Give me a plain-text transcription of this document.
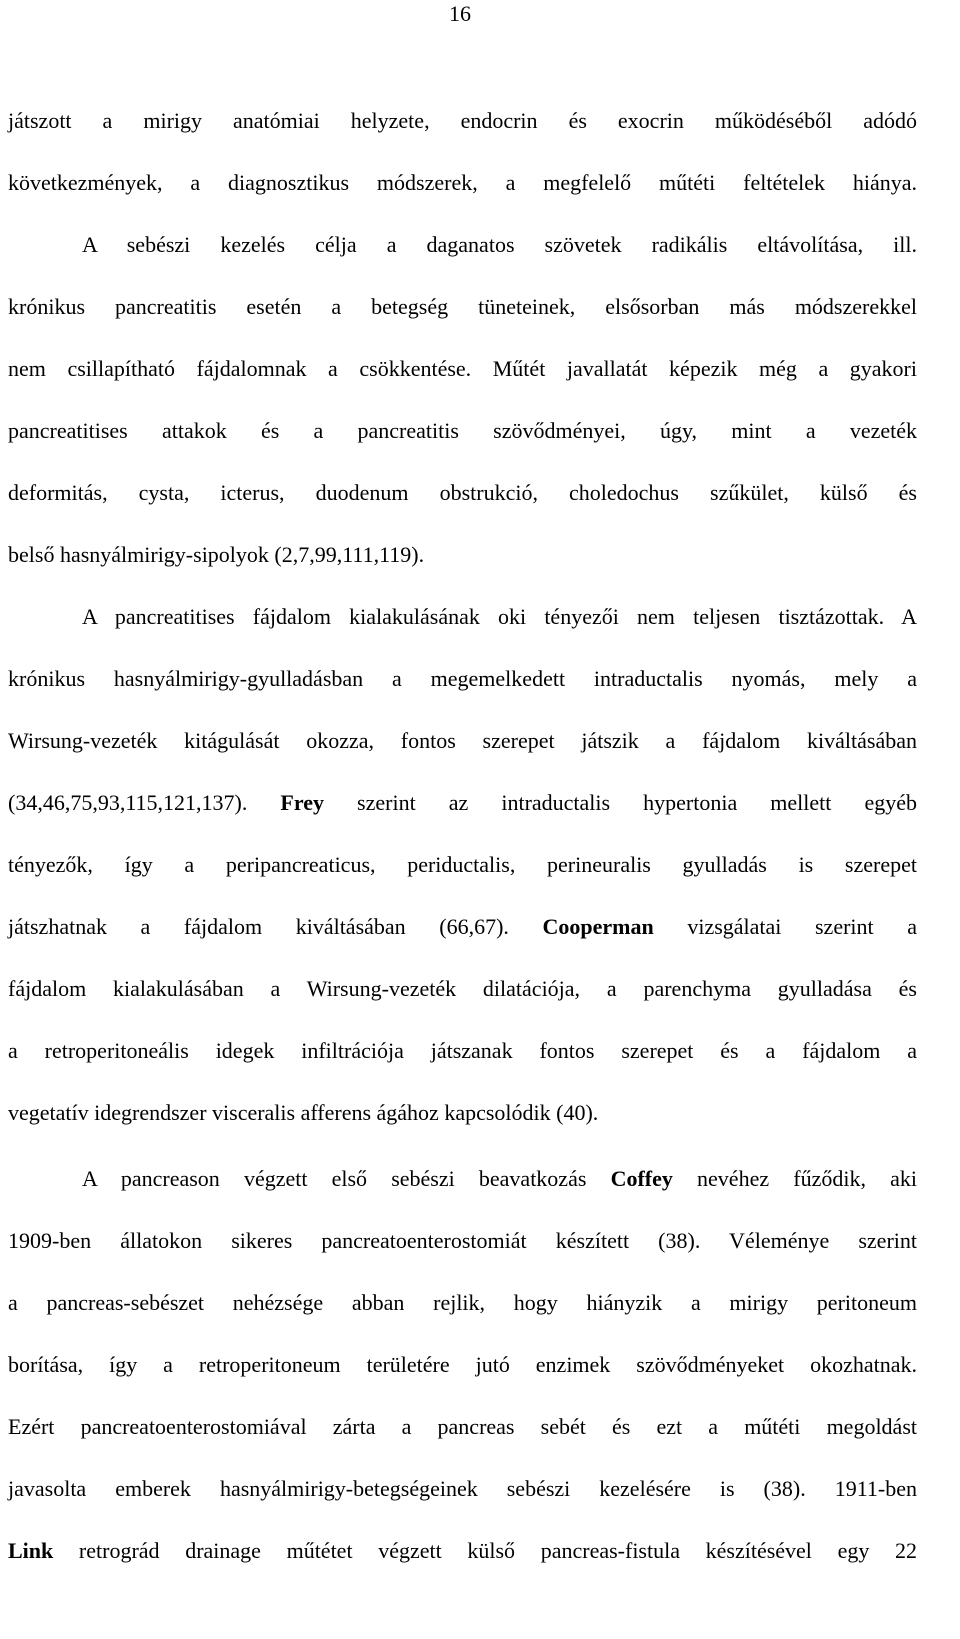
16
játszott a mirigy anatómiai helyzete, endocrin és exocrin működéséből adódó
következmények, a diagnosztikus módszerek, a megfelelő műtéti feltételek hiánya.
A sebészi kezelés célja a daganatos szövetek radikális eltávolítása, ill.
krónikus pancreatitis esetén a betegség tüneteinek, elsősorban más módszerekkel
nem csillapítható fájdalomnak a csökkentése. Műtét javallatát képezik még a gyakori
pancreatitises attakok és a pancreatitis szövődményei, úgy, mint a vezeték
deformitás, cysta, icterus, duodenum obstrukció, choledochus szűkület, külső és
belső hasnyálmirigy-sipolyok (2,7,99,111,119).
A pancreatitises fájdalom kialakulásának oki tényezői nem teljesen tisztázottak. A
krónikus hasnyálmirigy-gyulladásban a megemelkedett intraductalis nyomás, mely a
Wirsung-vezeték kitágulását okozza, fontos szerepet játszik a fájdalom kiváltásában
(34,46,75,93,115,121,137). Frey szerint az intraductalis hypertonia mellett egyéb
tényezők, így a peripancreaticus, periductalis, perineuralis gyulladás is szerepet
játszhatnak a fájdalom kiváltásában (66,67). Cooperman vizsgálatai szerint a
fájdalom kialakulásában a Wirsung-vezeték dilatációja, a parenchyma gyulladása és
a retroperitoneális idegek infiltrációja játszanak fontos szerepet és a fájdalom a
vegetatív idegrendszer visceralis afferens ágához kapcsolódik (40).
A pancreason végzett első sebészi beavatkozás Coffey nevéhez fűződik, aki
1909-ben állatokon sikeres pancreatoenterostomiát készített (38). Véleménye szerint
a pancreas-sebészet nehézsége abban rejlik, hogy hiányzik a mirigy peritoneum
borítása, így a retroperitoneum területére jutó enzimek szövődményeket okozhatnak.
Ezért pancreatoenterostomiával zárta a pancreas sebét és ezt a műtéti megoldást
javasolta emberek hasnyálmirigy-betegségeinek sebészi kezelésére is (38). 1911-ben
Link retrográd drainage műtétet végzett külső pancreas-fistula készítésével egy 22
